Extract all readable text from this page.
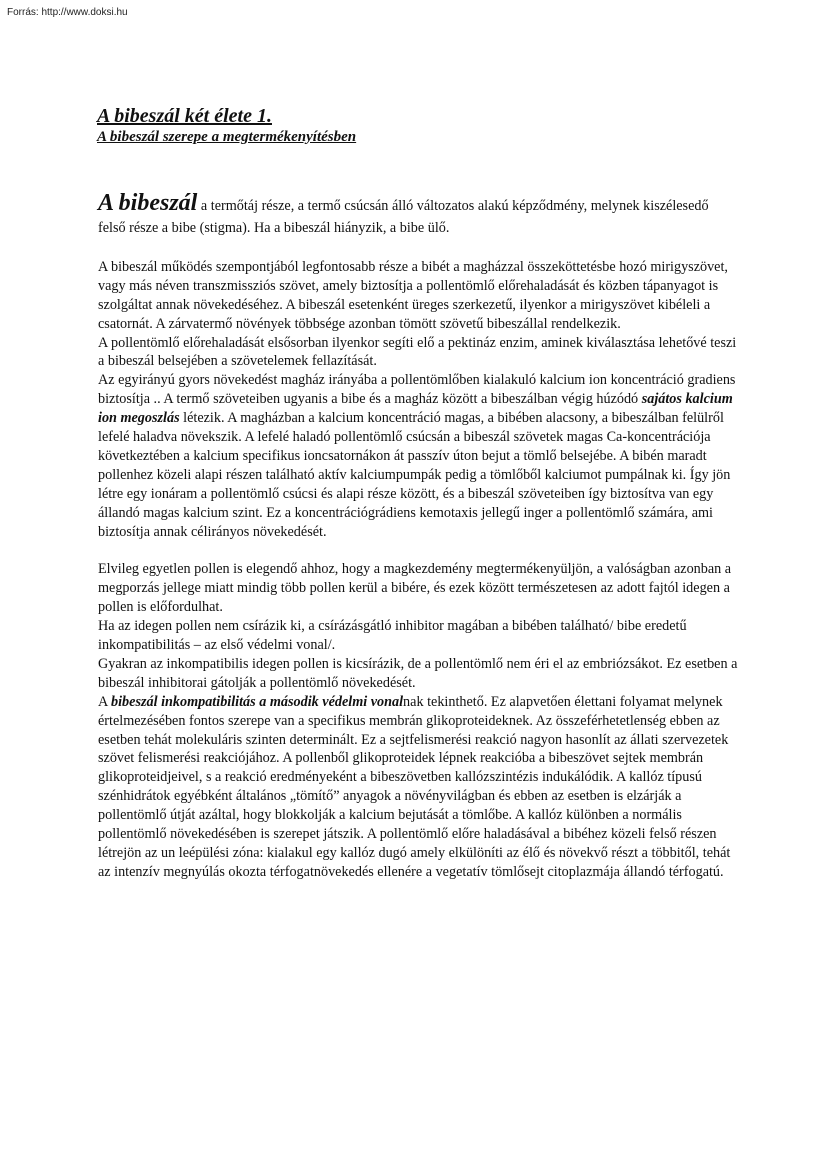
Forrás: http://www.doksi.hu
A bibeszál két élete 1.
A bibeszál szerepe a megtermékenyítésben

A bibeszál a termőtáj része, a termő csúcsán álló változatos alakú képződmény, melynek kiszélesedő felső része a bibe (stigma). Ha a bibeszál hiányzik, a bibe ülő.

A bibeszál működés szempontjából legfontosabb része a bibét a magházzal összeköttetésbe hozó mirigyszövet, vagy más néven transzmissziós szövet, amely biztosítja a pollentömlő előrehaladását és közben tápanyagot is szolgáltat annak növekedéséhez. A bibeszál esetenként üreges szerkezetű, ilyenkor a mirigyszövet kibéleli a csatornát. A zárvatermő növények többsége azonban tömött szövetű bibeszállal rendelkezik.

A pollentömlő előrehaladását elsősorban ilyenkor segíti elő a pektináz enzim, aminek kiválasztása lehetővé teszi a bibeszál belsejében a szövetelemek fellazítását.

Az egyirányú gyors növekedést magház irányába a pollentömlőben kialakuló kalcium ion koncentráció gradiens biztosítja .. A termő szöveteiben ugyanis a bibe és a magház között a bibeszálban végig húzódó sajátos kalcium ion megoszlás létezik. A magházban a kalcium koncentráció magas, a bibében alacsony, a bibeszálban felülről lefelé haladva növekszik. A lefelé haladó pollentömlő csúcsán a bibeszál szövetek magas Ca-koncentrációja következtében a kalcium specifikus ioncsatornákon át passzív úton bejut a tömlő belsejébe. A bibén maradt pollenhez közeli alapi részen található aktív kalciumpumpák pedig a tömlőből kalciumot pumpálnak ki. Így jön létre egy ionáram a pollentömlő csúcsi és alapi része között, és a bibeszál szöveteiben így biztosítva van egy állandó magas kalcium szint. Ez a koncentrációgrádiens kemotaxis jellegű inger a pollentömlő számára, ami biztosítja annak célirányos növekedését.

Elvileg egyetlen pollen is elegendő ahhoz, hogy a magkezdemény megtermékenyüljön, a valóságban azonban a megporzás jellege miatt mindig több pollen kerül a bibére, és ezek között természetesen az adott fajtól idegen a pollen is előfordulhat.

Ha az idegen pollen nem csírázik ki, a csírázásgátló inhibitor magában a bibében található/ bibe eredetű inkompatibilitás – az első védelmi vonal/.

Gyakran az inkompatibilis idegen pollen is kicsírázik, de a pollentömlő nem éri el az embriózsákot. Ez esetben a bibeszál inhibitorai gátolják a pollentömlő növekedését.

A bibeszál inkompatibilitás a második védelmi vonalnak tekinthető. Ez alapvetően élettani folyamat melynek értelmezésében fontos szerepe van a specifikus membrán glikoproteideknek. Az összeférhetetlenség ebben az esetben tehát molekuláris szinten determinált. Ez a sejtfelismerési reakció nagyon hasonlít az állati szervezetek szövet felismerési reakciójához. A pollenből glikoproteidek lépnek reakcióba a bibeszövet sejtek membrán glikoproteidjeivel, s a reakció eredményeként a bibeszövetben kallózszintézis indukálódik. A kallóz típusú szénhidrátok egyébként általános „tömítő” anyagok a növényvilágban és ebben az esetben is elzárják a pollentömlő útját azáltal, hogy blokkolják a kalcium bejutását a tömlőbe. A kallóz különben a normális pollentömlő növekedésében is szerepet játszik. A pollentömlő előre haladásával a bibéhez közeli felső részen létrejön az un leépülési zóna: kialakul egy kallóz dugó amely elkülöníti az élő és növekvő részt a többitől, tehát az intenzív megnyúlás okozta térfogatnövekedés ellenére a vegetatív tömlősejt citoplazmája állandó térfogatú.
